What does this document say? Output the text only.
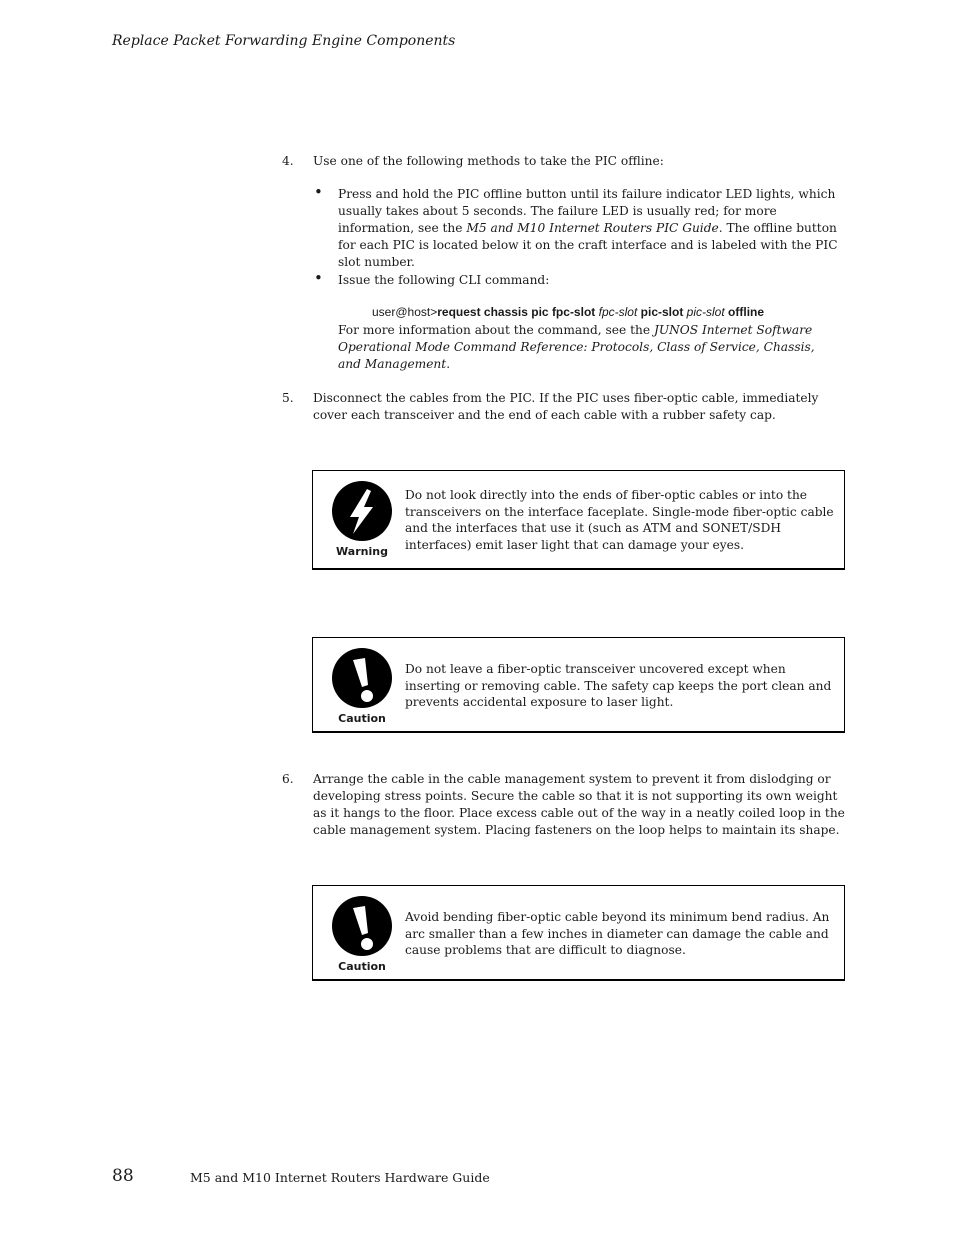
Replace Packet Forwarding Engine Components
4. Use one of the following methods to take the PIC offline:
• Press and hold the PIC offline button until its failure indicator LED lights, which usually takes about 5 seconds. The failure LED is usually red; for more information, see the M5 and M10 Internet Routers PIC Guide. The offline button for each PIC is located below it on the craft interface and is labeled with the PIC slot number.
• Issue the following CLI command:
user@host>request chassis pic fpc-slot fpc-slot pic-slot pic-slot offline
For more information about the command, see the JUNOS Internet Software Operational Mode Command Reference: Protocols, Class of Service, Chassis, and Management.
5. Disconnect the cables from the PIC. If the PIC uses fiber-optic cable, immediately cover each transceiver and the end of each cable with a rubber safety cap.
Warning
Do not look directly into the ends of fiber-optic cables or into the transceivers on the interface faceplate. Single-mode fiber-optic cable and the interfaces that use it (such as ATM and SONET/SDH interfaces) emit laser light that can damage your eyes.
Caution
Do not leave a fiber-optic transceiver uncovered except when inserting or removing cable. The safety cap keeps the port clean and prevents accidental exposure to laser light.
6. Arrange the cable in the cable management system to prevent it from dislodging or developing stress points. Secure the cable so that it is not supporting its own weight as it hangs to the floor. Place excess cable out of the way in a neatly coiled loop in the cable management system. Placing fasteners on the loop helps to maintain its shape.
Caution
Avoid bending fiber-optic cable beyond its minimum bend radius. An arc smaller than a few inches in diameter can damage the cable and cause problems that are difficult to diagnose.
88	M5 and M10 Internet Routers Hardware Guide
